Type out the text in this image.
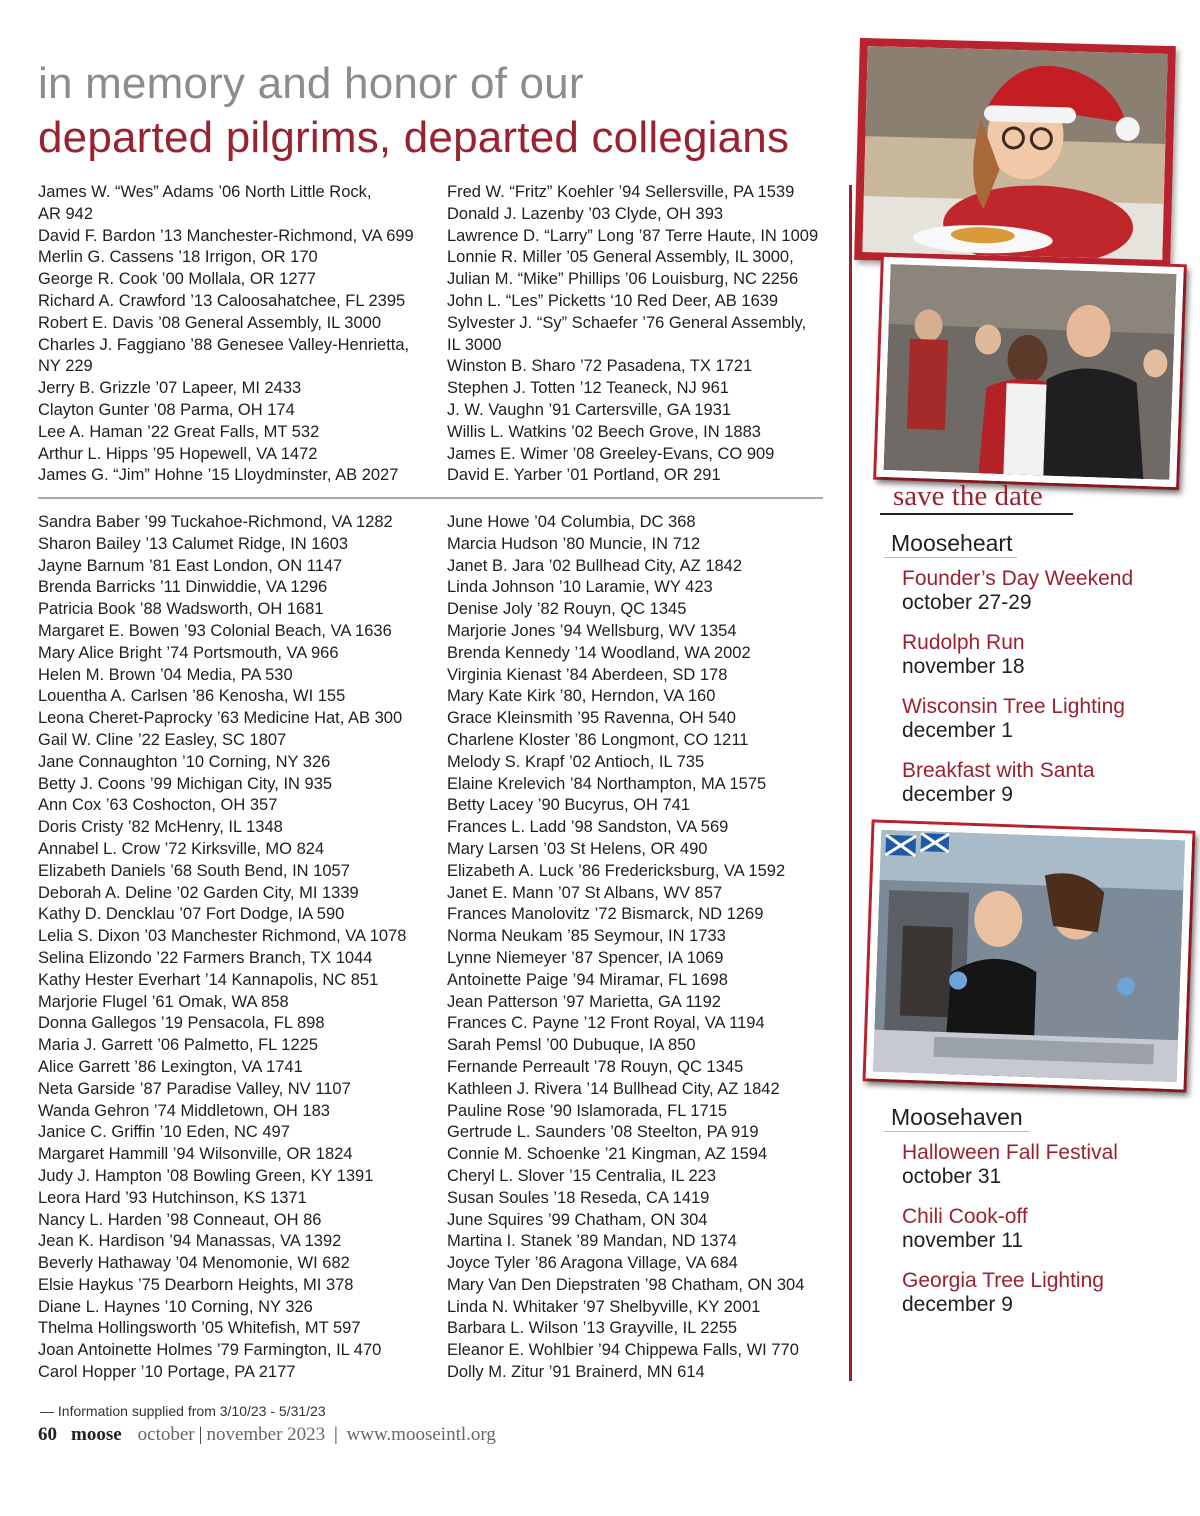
in memory and honor of our
departed pilgrims, departed collegians
James W. “Wes” Adams ’06 North Little Rock,
AR 942
David F. Bardon ’13 Manchester-Richmond, VA 699
Merlin G. Cassens ’18 Irrigon, OR 170
George R. Cook ’00 Mollala, OR 1277
Richard A. Crawford ’13 Caloosahatchee, FL 2395
Robert E. Davis ’08 General Assembly, IL 3000
Charles J. Faggiano ’88 Genesee Valley-Henrietta,
NY 229
Jerry B. Grizzle ’07 Lapeer, MI 2433
Clayton Gunter ’08 Parma, OH 174
Lee A. Haman ’22 Great Falls, MT 532
Arthur L. Hipps ’95 Hopewell, VA 1472
James G. “Jim” Hohne ’15 Lloydminster, AB 2027
Fred W. “Fritz” Koehler ’94 Sellersville, PA 1539
Donald J. Lazenby ’03 Clyde, OH 393
Lawrence D. “Larry” Long ’87 Terre Haute, IN 1009
Lonnie R. Miller ’05 General Assembly, IL 3000,
Julian M. “Mike” Phillips ’06 Louisburg, NC 2256
John L. “Les” Picketts ‘10 Red Deer, AB 1639
Sylvester J. “Sy” Schaefer ’76 General Assembly,
IL 3000
Winston B. Sharo ’72 Pasadena, TX 1721
Stephen J. Totten ’12 Teaneck, NJ 961
J. W. Vaughn ’91 Cartersville, GA 1931
Willis L. Watkins ’02 Beech Grove, IN 1883
James E. Wimer ’08 Greeley-Evans, CO 909
David E. Yarber ’01 Portland, OR 291
Sandra Baber ’99 Tuckahoe-Richmond, VA 1282
Sharon Bailey ’13 Calumet Ridge, IN 1603
Jayne Barnum ’81 East London, ON 1147
Brenda Barricks ’11 Dinwiddie, VA 1296
Patricia Book ’88 Wadsworth, OH 1681
Margaret E. Bowen ’93 Colonial Beach, VA 1636
Mary Alice Bright ’74 Portsmouth, VA 966
Helen M. Brown ’04 Media, PA 530
Louentha A. Carlsen ’86 Kenosha, WI 155
Leona Cheret-Paprocky ’63 Medicine Hat, AB 300
Gail W. Cline ’22 Easley, SC 1807
Jane Connaughton ’10 Corning, NY 326
Betty J. Coons ’99 Michigan City, IN 935
Ann Cox ’63 Coshocton, OH 357
Doris Cristy ’82 McHenry, IL 1348
Annabel L. Crow ’72 Kirksville, MO 824
Elizabeth Daniels ’68 South Bend, IN 1057
Deborah A. Deline ’02 Garden City, MI 1339
Kathy D. Dencklau ’07 Fort Dodge, IA 590
Lelia S. Dixon ’03 Manchester Richmond, VA 1078
Selina Elizondo ’22 Farmers Branch, TX 1044
Kathy Hester Everhart ’14 Kannapolis, NC 851
Marjorie Flugel ’61 Omak, WA 858
Donna Gallegos ’19 Pensacola, FL 898
Maria J. Garrett ’06 Palmetto, FL 1225
Alice Garrett ’86 Lexington, VA 1741
Neta Garside ’87 Paradise Valley, NV 1107
Wanda Gehron ’74 Middletown, OH 183
Janice C. Griffin ’10 Eden, NC 497
Margaret Hammill ’94 Wilsonville, OR 1824
Judy J. Hampton ’08 Bowling Green, KY 1391
Leora Hard ’93 Hutchinson, KS 1371
Nancy L. Harden ’98 Conneaut, OH 86
Jean K. Hardison ’94 Manassas, VA 1392
Beverly Hathaway ’04 Menomonie, WI 682
Elsie Haykus ’75 Dearborn Heights, MI 378
Diane L. Haynes ’10 Corning, NY 326
Thelma Hollingsworth ’05 Whitefish, MT 597
Joan Antoinette Holmes ’79 Farmington, IL 470
Carol Hopper ’10 Portage, PA 2177
June Howe ’04 Columbia, DC 368
Marcia Hudson ’80 Muncie, IN 712
Janet B. Jara ’02 Bullhead City, AZ 1842
Linda Johnson ’10 Laramie, WY 423
Denise Joly ’82 Rouyn, QC 1345
Marjorie Jones ’94 Wellsburg, WV 1354
Brenda Kennedy ’14 Woodland, WA 2002
Virginia Kienast ’84 Aberdeen, SD 178
Mary Kate Kirk ’80, Herndon, VA 160
Grace Kleinsmith ’95 Ravenna, OH 540
Charlene Kloster ’86 Longmont, CO 1211
Melody S. Krapf ’02 Antioch, IL 735
Elaine Krelevich ’84 Northampton, MA 1575
Betty Lacey ’90 Bucyrus, OH 741
Frances L. Ladd ’98 Sandston, VA 569
Mary Larsen ’03 St Helens, OR 490
Elizabeth A. Luck ’86 Fredericksburg, VA 1592
Janet E. Mann ’07 St Albans, WV 857
Frances Manolovitz ’72 Bismarck, ND 1269
Norma Neukam ’85 Seymour, IN 1733
Lynne Niemeyer ’87 Spencer, IA 1069
Antoinette Paige ’94 Miramar, FL 1698
Jean Patterson ’97 Marietta, GA 1192
Frances C. Payne ’12 Front Royal, VA 1194
Sarah Pemsl ’00 Dubuque, IA 850
Fernande Perreault ’78 Rouyn, QC 1345
Kathleen J. Rivera ’14 Bullhead City, AZ 1842
Pauline Rose ’90 Islamorada, FL 1715
Gertrude L. Saunders ’08 Steelton, PA 919
Connie M. Schoenke ’21 Kingman, AZ 1594
Cheryl L. Slover ’15 Centralia, IL 223
Susan Soules ’18 Reseda, CA 1419
June Squires ’99 Chatham, ON 304
Martina I. Stanek ’89 Mandan, ND 1374
Joyce Tyler ’86 Aragona Village, VA 684
Mary Van Den Diepstraten ’98 Chatham, ON 304
Linda N. Whitaker ’97 Shelbyville, KY 2001
Barbara L. Wilson ’13 Grayville, IL 2255
Eleanor E. Wohlbier ’94 Chippewa Falls, WI 770
Dolly M. Zitur ’91 Brainerd, MN 614
— Information supplied from 3/10/23 - 5/31/23
60 moose october | november 2023 | www.mooseintl.org
save the date
Mooseheart
Founder’s Day Weekend
october 27-29
Rudolph Run
november 18
Wisconsin Tree Lighting
december 1
Breakfast with Santa
december 9
Moosehaven
Halloween Fall Festival
october 31
Chili Cook-off
november 11
Georgia Tree Lighting
december 9
